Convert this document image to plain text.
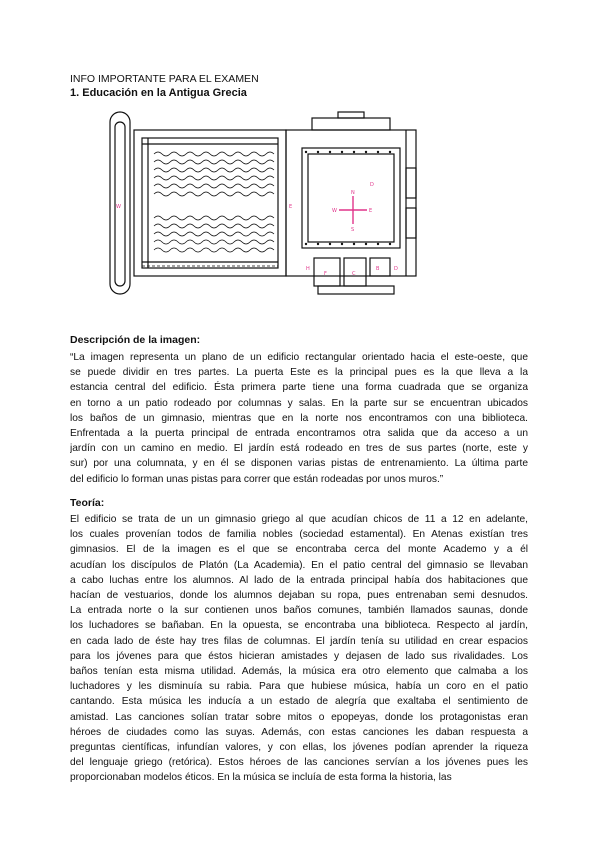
INFO IMPORTANTE PARA EL EXAMEN
1. Educación en la Antigua Grecia
N
S
E
W
W
D
E
F	C
B	D
H
Descripción de la imagen:
“La imagen representa un plano de un edificio rectangular orientado hacia el este-oeste, que
se puede dividir en tres partes. La puerta Este es la principal pues es la que lleva a la
estancia central del edificio. Ésta primera parte tiene una forma cuadrada que se organiza
en torno a un patio rodeado por columnas y salas. En la parte sur se encuentran ubicados
los baños de un gimnasio, mientras que en la norte nos encontramos con una biblioteca.
Enfrentada a la puerta principal de entrada encontramos otra salida que da acceso a un
jardín con un camino en medio. El jardín está rodeado en tres de sus partes (norte, este y
sur) por una columnata, y en él se disponen varias pistas de entrenamiento. La última parte
del edificio lo forman unas pistas para correr que están rodeadas por unos muros.”
Teoría:
El edificio se trata de un un gimnasio griego al que acudían chicos de 11 a 12 en adelante,
los cuales provenían todos de familia nobles (sociedad estamental). En Atenas existían tres
gimnasios. El de la imagen es el que se encontraba cerca del monte Academo y a él
acudían los discípulos de Platón (La Academia). En el patio central del gimnasio se llevaban
a cabo luchas entre los alumnos. Al lado de la entrada principal había dos habitaciones que
hacían de vestuarios, donde los alumnos dejaban su ropa, pues entrenaban semi desnudos.
La entrada norte o la sur contienen unos baños comunes, también llamados saunas, donde
los luchadores se bañaban. En la opuesta, se encontraba una biblioteca. Respecto al jardín,
en cada lado de éste hay tres filas de columnas. El jardín tenía su utilidad en crear espacios
para los jóvenes para que éstos hicieran amistades y dejasen de lado sus rivalidades. Los
baños tenían esta misma utilidad. Además, la música era otro elemento que calmaba a los
luchadores y les disminuía su rabia. Para que hubiese música, había un coro en el patio
cantando. Esta música les inducía a un estado de alegría que exaltaba el sentimiento de
amistad. Las canciones solían tratar sobre mitos o epopeyas, donde los protagonistas eran
héroes de ciudades como las suyas. Además, con estas canciones les daban respuesta a
preguntas científicas, infundían valores, y con ellas, los jóvenes podían aprender la riqueza
del lenguaje griego (retórica). Estos héroes de las canciones servían a los jóvenes pues les
proporcionaban modelos éticos. En la música se incluía de esta forma la historia, las
